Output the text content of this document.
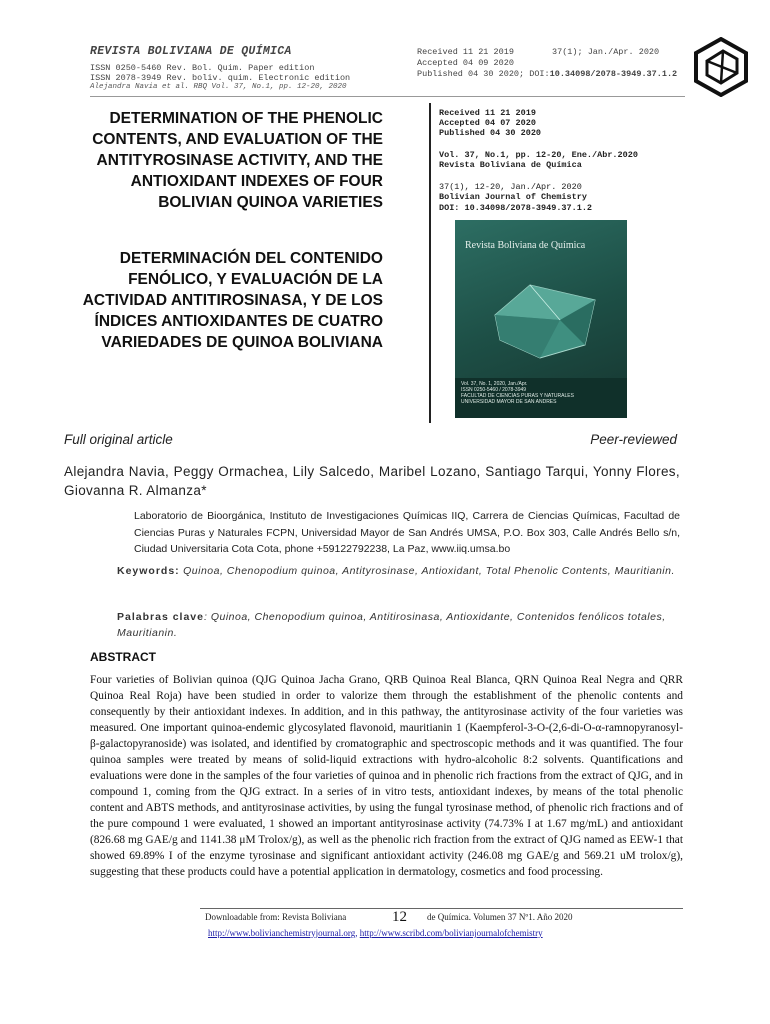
REVISTA BOLIVIANA DE QUÍMICA
ISSN 0250-5460 Rev. Bol. Quim. Paper edition
ISSN 2078-3949 Rev. boliv. quim. Electronic edition
Alejandra Navia et al. RBQ Vol. 37, No.1, pp. 12-20, 2020
Received 11 21 2019
Accepted 04 09 2020
Published 04 30 2020; DOI:10.34098/2078-3949.37.1.2
37(1); Jan./Apr. 2020
DETERMINATION OF THE PHENOLIC CONTENTS, AND EVALUATION OF THE ANTITYROSINASE ACTIVITY, AND THE ANTIOXIDANT INDEXES OF FOUR BOLIVIAN QUINOA VARIETIES
DETERMINACIÓN DEL CONTENIDO FENÓLICO, Y EVALUACIÓN DE LA ACTIVIDAD ANTITIROSINASA, Y DE LOS ÍNDICES ANTIOXIDANTES DE CUATRO VARIEDADES DE QUINOA BOLIVIANA
Received 11 21 2019
Accepted 04 07 2020
Published 04 30 2020
Vol. 37, No.1, pp. 12-20, Ene./Abr.2020
Revista Boliviana de Química
37(1), 12-20, Jan./Apr. 2020
Bolivian Journal of Chemistry
DOI: 10.34098/2078-3949.37.1.2
Revista Boliviana de Química
Vol. 37, No. 1, 2020, Jan./Apr.
ISSN 0250-5460 / 2078-3949
FACULTAD DE CIENCIAS PURAS Y NATURALES
UNIVERSIDAD MAYOR DE SAN ANDRES
Full original article	Peer-reviewed
Alejandra Navia, Peggy Ormachea, Lily Salcedo, Maribel Lozano, Santiago Tarqui, Yonny Flores, Giovanna R. Almanza*
Laboratorio de Bioorgánica, Instituto de Investigaciones Químicas IIQ, Carrera de Ciencias Químicas, Facultad de Ciencias Puras y Naturales FCPN, Universidad Mayor de San Andrés UMSA, P.O. Box 303, Calle Andrés Bello s/n, Ciudad Universitaria Cota Cota, phone +59122792238, La Paz, www.iiq.umsa.bo
Keywords: Quinoa, Chenopodium quinoa, Antityrosinase, Antioxidant, Total Phenolic Contents, Mauritianin.
Palabras clave: Quinoa, Chenopodium quinoa, Antitirosinasa, Antioxidante, Contenidos fenólicos totales, Mauritianin.
ABSTRACT
Four varieties of Bolivian quinoa (QJG Quinoa Jacha Grano, QRB Quinoa Real Blanca, QRN Quinoa Real Negra and QRR Quinoa Real Roja) have been studied in order to valorize them through the establishment of the phenolic contents and consequently by their antioxidant indexes. In addition, and in this pathway, the antityrosinase activity of the four varieties was measured. One important quinoa-endemic glycosylated flavonoid, mauritianin 1 (Kaempferol-3-O-(2,6-di-O-α-ramnopyranosyl-β-galactopyranoside) was isolated, and identified by cromatographic and spectroscopic methods and it was quantified. The four quinoa samples were treated by means of solid-liquid extractions with hydro-alcoholic 8:2 solvents. Quantifications and evaluations were done in the samples of the four varieties of quinoa and in phenolic rich fractions from the extract of QJG, and in compound 1, coming from the QJG extract. In a series of in vitro tests, antioxidant indexes, by means of the total phenolic content and ABTS methods, and antityrosinase activities, by using the fungal tyrosinase method, of phenolic rich fractions and of the pure compound 1 were evaluated, 1 showed an important antityrosinase activity (74.73% I at 1.67 mg/mL) and antioxidant (826.68 mg GAE/g and 1141.38 μM Trolox/g), as well as the phenolic rich fraction from the extract of QJG named as EEW-1 that showed 69.89% I of the enzyme tyrosinase and significant antioxidant activity (246.08 mg GAE/g and 569.21 uM trolox/g), suggesting that these products could have a potential application in dermatology, cosmetics and food processing.
Downloadable from: Revista Boliviana	12 de Química. Volumen 37 Nº1. Año 2020
http://www.bolivianchemistryjournal.org, http://www.scribd.com/bolivianjournalofchemistry
